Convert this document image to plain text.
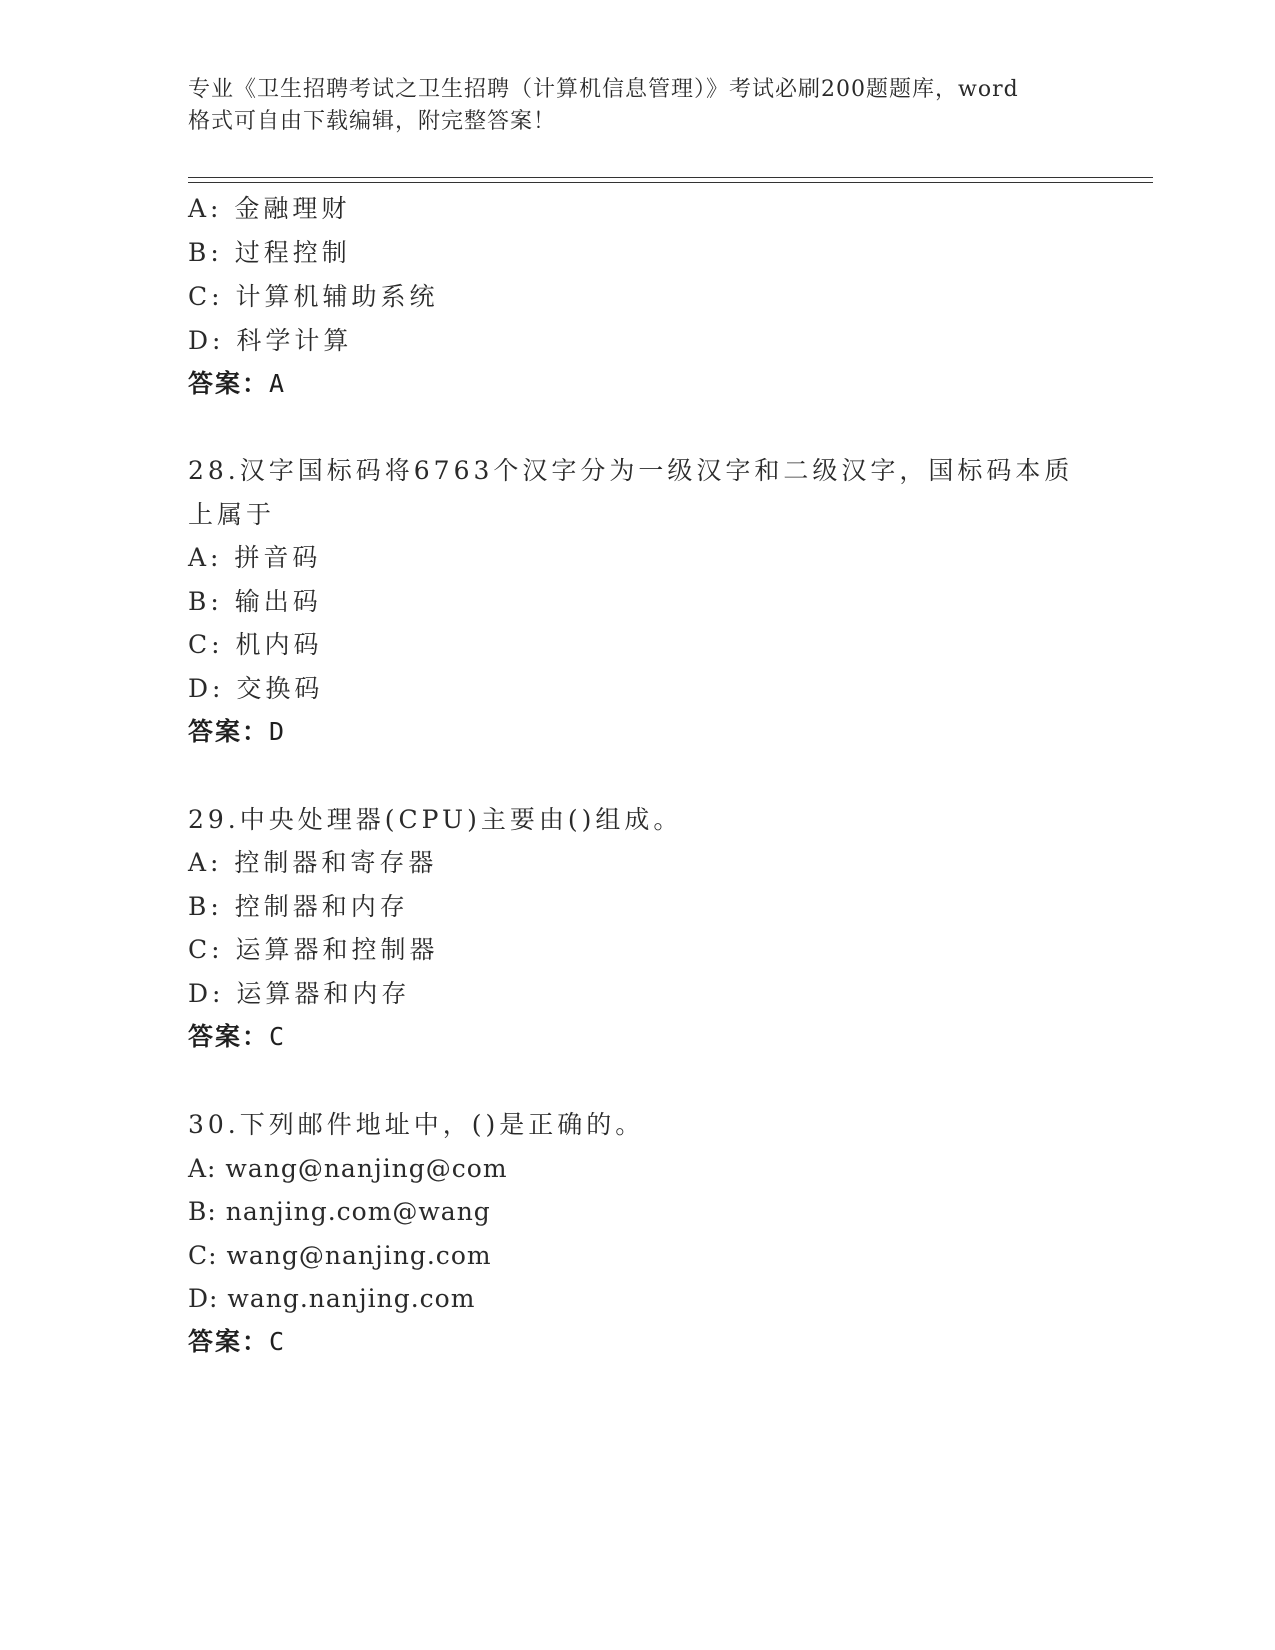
专业《卫生招聘考试之卫生招聘（计算机信息管理）》考试必刷200题题库，word
格式可自由下载编辑，附完整答案！
A: 金融理财
B: 过程控制
C: 计算机辅助系统
D: 科学计算
答案：A
28.汉字国标码将6763个汉字分为一级汉字和二级汉字，国标码本质
上属于
A: 拼音码
B: 输出码
C: 机内码
D: 交换码
答案：D
29.中央处理器(CPU)主要由()组成。
A: 控制器和寄存器
B: 控制器和内存
C: 运算器和控制器
D: 运算器和内存
答案：C
30.下列邮件地址中，()是正确的。
A: wang@nanjing@com
B: nanjing.com@wang
C: wang@nanjing.com
D: wang.nanjing.com
答案：C
